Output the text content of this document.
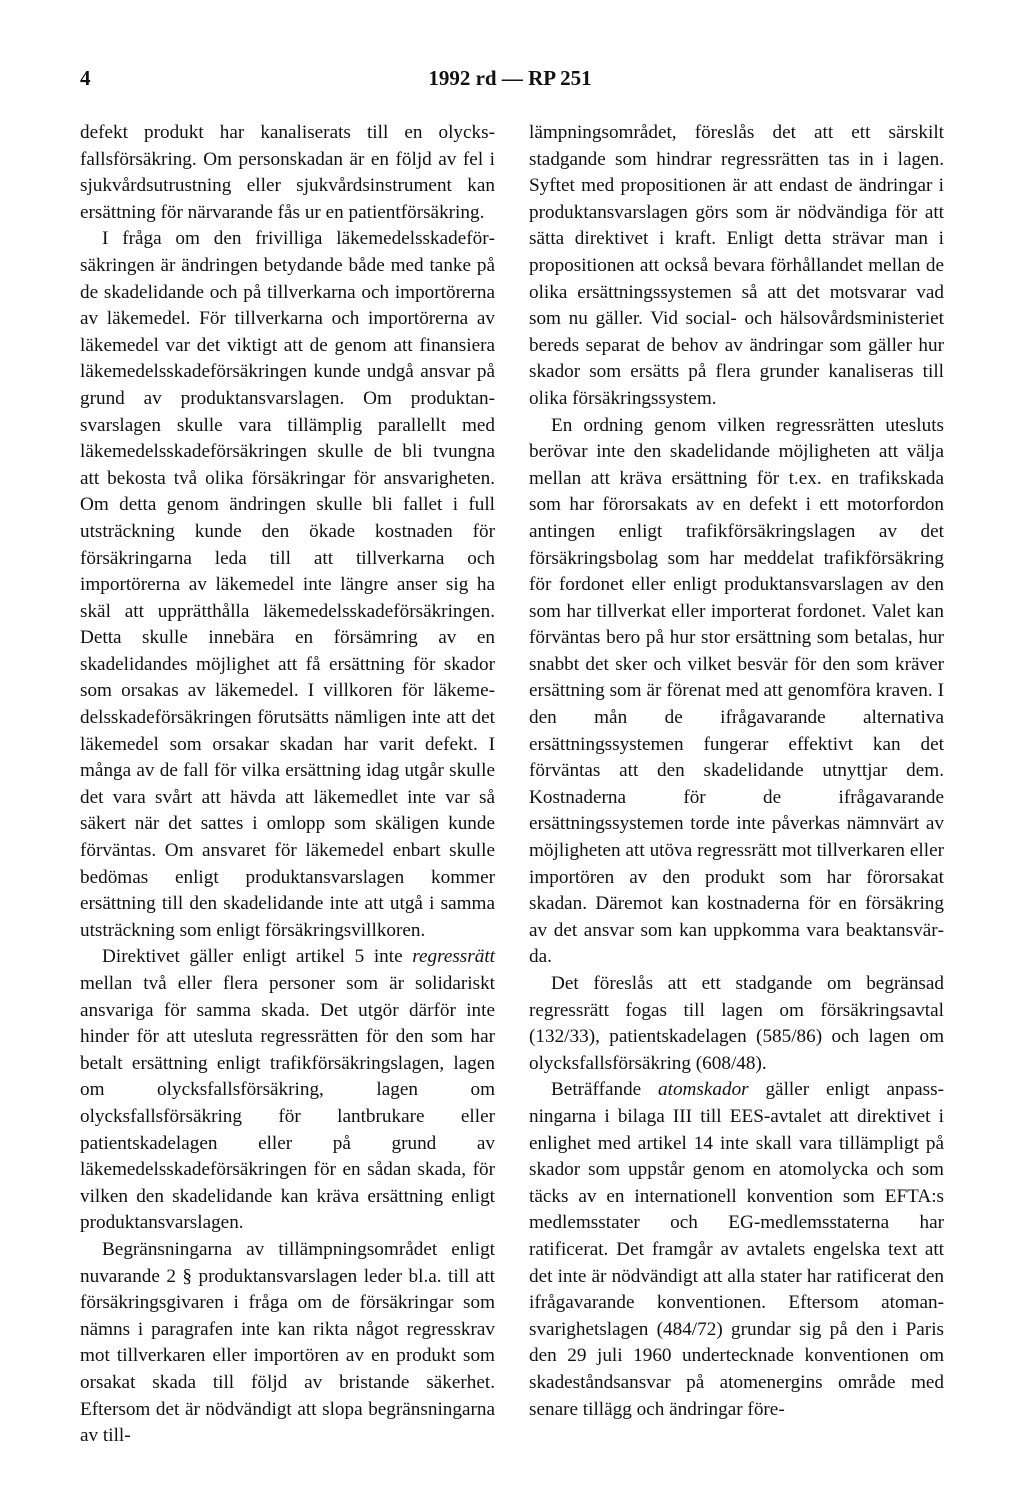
4	1992 rd — RP 251

defekt produkt har kanaliserats till en olycksfallsförsäkring. Om personskadan är en följd av fel i sjukvårdsutrustning eller sjukvårdsinstrument kan ersättning för närvarande fås ur en patientförsäkring.

I fråga om den frivilliga läkemedelsskadeförsäkringen är ändringen betydande både med tanke på de skadelidande och på tillverkarna och importörerna av läkemedel. För tillverkarna och importörerna av läkemedel var det viktigt att de genom att finansiera läkemedelsskadeförsäkringen kunde undgå ansvar på grund av produktansvarslagen. Om produktansvarslagen skulle vara tillämplig parallellt med läkemedelsskadeförsäkringen skulle de bli tvungna att bekosta två olika försäkringar för ansvarigheten. Om detta genom ändringen skulle bli fallet i full utsträckning kunde den ökade kostnaden för försäkringarna leda till att tillverkarna och importörerna av läkemedel inte längre anser sig ha skäl att upprätthålla läkemedelsskadeförsäkringen. Detta skulle innebära en försämring av en skadelidandes möjlighet att få ersättning för skador som orsakas av läkemedel. I villkoren för läkemedelsskadeförsäkringen förutsätts nämligen inte att det läkemedel som orsakar skadan har varit defekt. I många av de fall för vilka ersättning idag utgår skulle det vara svårt att hävda att läkemedlet inte var så säkert när det sattes i omlopp som skäligen kunde förväntas. Om ansvaret för läkemedel enbart skulle bedömas enligt produktansvarslagen kommer ersättning till den skadelidande inte att utgå i samma utsträckning som enligt försäkringsvillkoren.

Direktivet gäller enligt artikel 5 inte regressrätt mellan två eller flera personer som är solidariskt ansvariga för samma skada. Det utgör därför inte hinder för att utesluta regressrätten för den som har betalt ersättning enligt trafikförsäkringslagen, lagen om olycksfallsförsäkring, lagen om olycksfallsförsäkring för lantbrukare eller patientskadelagen eller på grund av läkemedelsskadeförsäkringen för en sådan skada, för vilken den skadelidande kan kräva ersättning enligt produktansvarslagen.

Begränsningarna av tillämpningsområdet enligt nuvarande 2 § produktansvarslagen leder bl.a. till att försäkringsgivaren i fråga om de försäkringar som nämns i paragrafen inte kan rikta något regresskrav mot tillverkaren eller importören av en produkt som orsakat skada till följd av bristande säkerhet. Eftersom det är nödvändigt att slopa begränsningarna av till-

lämpningsområdet, föreslås det att ett särskilt stadgande som hindrar regressrätten tas in i lagen. Syftet med propositionen är att endast de ändringar i produktansvarslagen görs som är nödvändiga för att sätta direktivet i kraft. Enligt detta strävar man i propositionen att också bevara förhållandet mellan de olika ersättningssystemen så att det motsvarar vad som nu gäller. Vid social- och hälsovårdsministeriet bereds separat de behov av ändringar som gäller hur skador som ersätts på flera grunder kanaliseras till olika försäkringssystem.

En ordning genom vilken regressrätten utesluts berövar inte den skadelidande möjligheten att välja mellan att kräva ersättning för t.ex. en trafikskada som har förorsakats av en defekt i ett motorfordon antingen enligt trafikförsäkringslagen av det försäkringsbolag som har meddelat trafikförsäkring för fordonet eller enligt produktansvarslagen av den som har tillverkat eller importerat fordonet. Valet kan förväntas bero på hur stor ersättning som betalas, hur snabbt det sker och vilket besvär för den som kräver ersättning som är förenat med att genomföra kraven. I den mån de ifrågavarande alternativa ersättningssystemen fungerar effektivt kan det förväntas att den skadelidande utnyttjar dem. Kostnaderna för de ifrågavarande ersättningssystemen torde inte påverkas nämnvärt av möjligheten att utöva regressrätt mot tillverkaren eller importören av den produkt som har förorsakat skadan. Däremot kan kostnaderna för en försäkring av det ansvar som kan uppkomma vara beaktansvärda.

Det föreslås att ett stadgande om begränsad regressrätt fogas till lagen om försäkringsavtal (132/33), patientskadelagen (585/86) och lagen om olycksfallsförsäkring (608/48).

Beträffande atomskador gäller enligt anpassningarna i bilaga III till EES-avtalet att direktivet i enlighet med artikel 14 inte skall vara tillämpligt på skador som uppstår genom en atomolycka och som täcks av en internationell konvention som EFTA:s medlemsstater och EG-medlemsstaterna har ratificerat. Det framgår av avtalets engelska text att det inte är nödvändigt att alla stater har ratificerat den ifrågavarande konventionen. Eftersom atomansvarighetslagen (484/72) grundar sig på den i Paris den 29 juli 1960 undertecknade konventionen om skadeståndsansvar på atomenergins område med senare tillägg och ändringar före-
